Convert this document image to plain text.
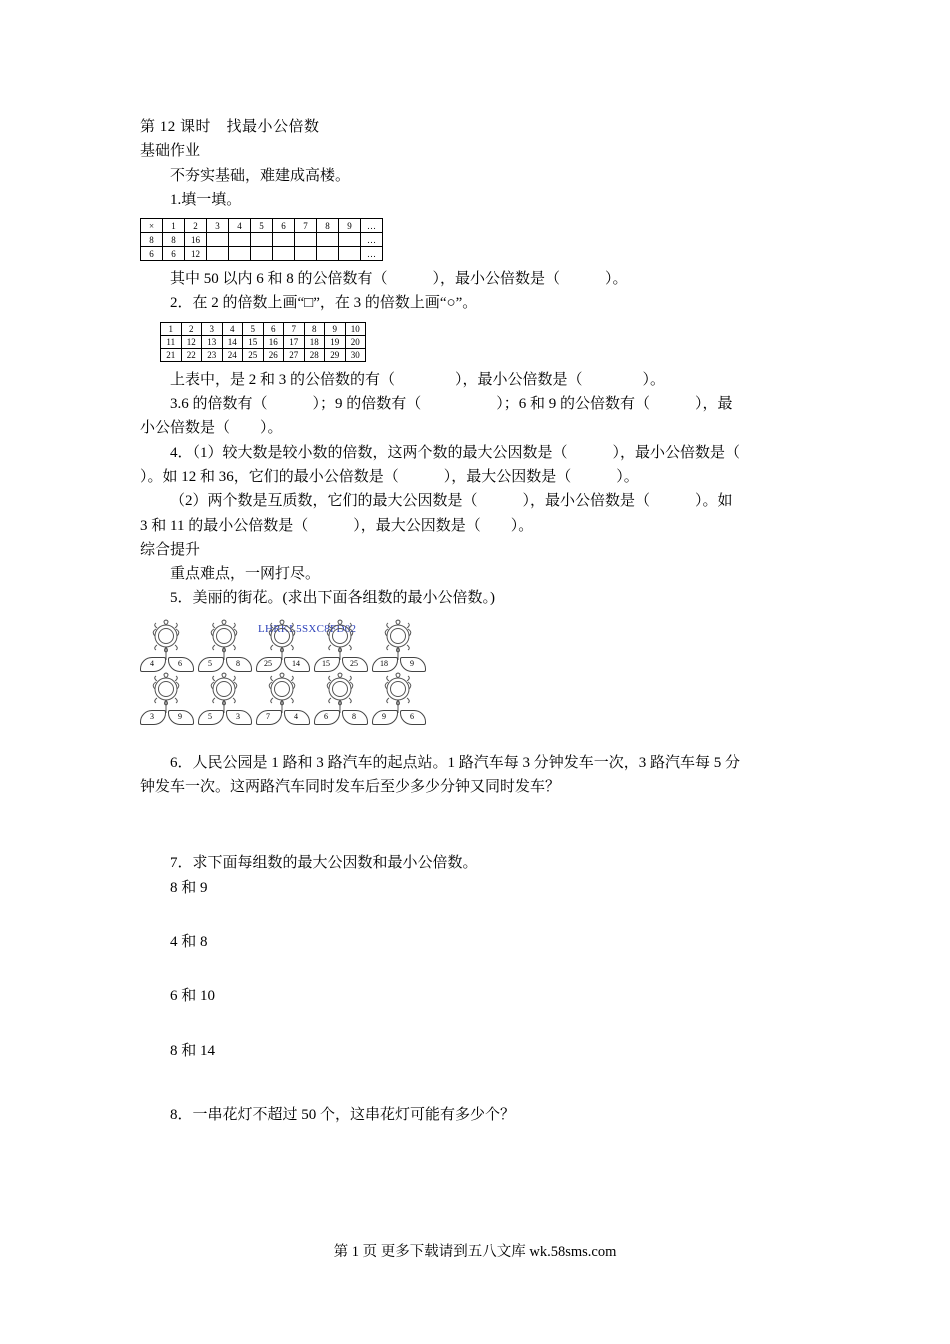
第 12 课时　找最小公倍数
基础作业
不夯实基础，难建成高楼。
1.填一填。
×	1	2	3	4	5	6	7	8	9	…
8	8	16								…
6	6	12								…
其中 50 以内 6 和 8 的公倍数有（　　　），最小公倍数是（　　　）。
2．在 2 的倍数上画“□”，在 3 的倍数上画“○”。
1	2	3	4	5	6	7	8	9	10
11	12	13	14	15	16	17	18	19	20
21	22	23	24	25	26	27	28	29	30
上表中，是 2 和 3 的公倍数的有（　　　　），最小公倍数是（　　　　）。
3.6 的倍数有（　　　）；9 的倍数有（　　　　　）；6 和 9 的公倍数有（　　　），最
小公倍数是（　　）。
4．（1）较大数是较小数的倍数，这两个数的最大公因数是（　　　），最小公倍数是（
）。如 12 和 36，它们的最小公倍数是（　　　），最大公因数是（　　　）。
（2）两个数是互质数，它们的最大公因数是（　　　），最小公倍数是（　　　）。如
3 和 11 的最小公倍数是（　　　），最大公因数是（　　）。
综合提升
重点难点，一网打尽。
5．美丽的街花。(求出下面各组数的最小公倍数。)
LHRKL5SXC8FD02
4	6	5	8	25	14	15	25	18	9
3	9	5	3	7	4	6	8	9	6
6．人民公园是 1 路和 3 路汽车的起点站。1 路汽车每 3 分钟发车一次，3 路汽车每 5 分
钟发车一次。这两路汽车同时发车后至少多少分钟又同时发车？
7．求下面每组数的最大公因数和最小公倍数。
8 和 9
4 和 8
6 和 10
8 和 14
8．一串花灯不超过 50 个，这串花灯可能有多少个？
第 1 页 更多下载请到五八文库 wk.58sms.com
